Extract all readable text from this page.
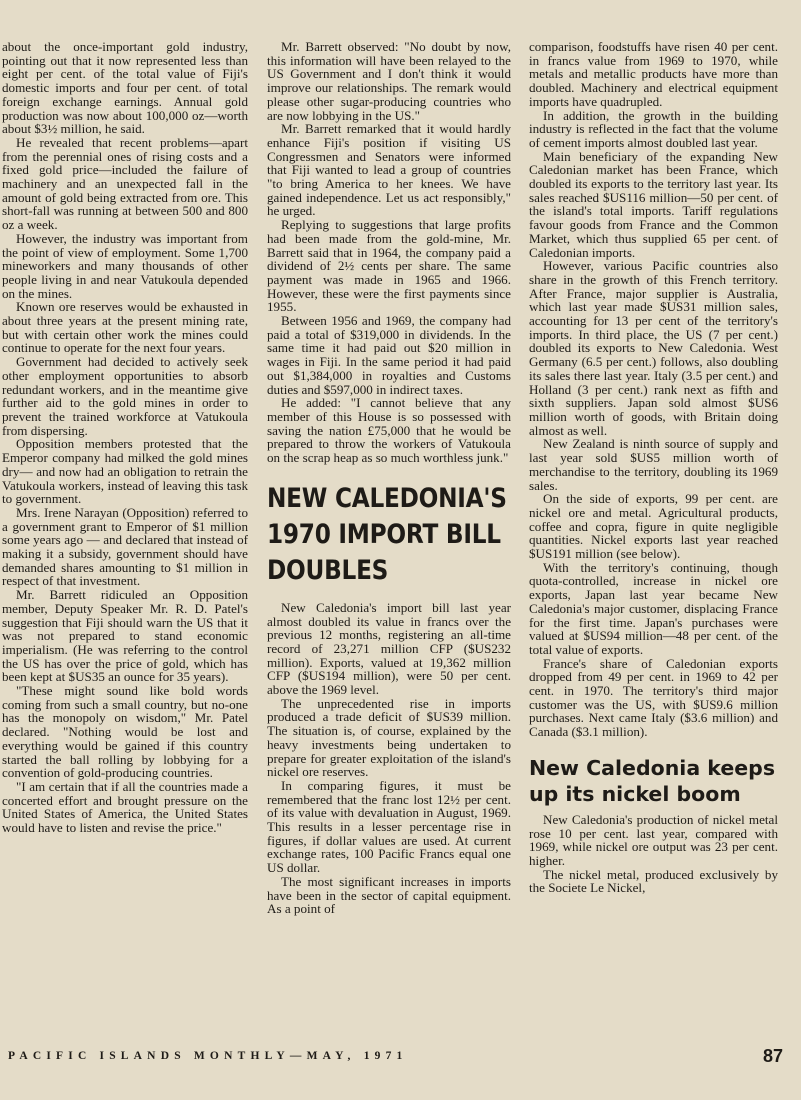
about the once-important gold industry, pointing out that it now represented less than eight per cent. of the total value of Fiji's domestic imports and four per cent. of total foreign exchange earnings. Annual gold production was now about 100,000 oz—worth about $3½ million, he said.

He revealed that recent problems—apart from the perennial ones of rising costs and a fixed gold price—included the failure of machinery and an unexpected fall in the amount of gold being extracted from ore. This short-fall was running at between 500 and 800 oz a week.

However, the industry was important from the point of view of employment. Some 1,700 mineworkers and many thousands of other people living in and near Vatukoula depended on the mines.

Known ore reserves would be exhausted in about three years at the present mining rate, but with certain other work the mines could continue to operate for the next four years.

Government had decided to actively seek other employment opportunities to absorb redundant workers, and in the meantime give further aid to the gold mines in order to prevent the trained workforce at Vatukoula from dispersing.

Opposition members protested that the Emperor company had milked the gold mines dry— and now had an obligation to retrain the Vatukoula workers, instead of leaving this task to government.

Mrs. Irene Narayan (Opposition) referred to a government grant to Emperor of $1 million some years ago — and declared that instead of making it a subsidy, government should have demanded shares amounting to $1 million in respect of that investment.

Mr. Barrett ridiculed an Opposition member, Deputy Speaker Mr. R. D. Patel's suggestion that Fiji should warn the US that it was not prepared to stand economic imperialism. (He was referring to the control the US has over the price of gold, which has been kept at $US35 an ounce for 35 years).

"These might sound like bold words coming from such a small country, but no-one has the monopoly on wisdom," Mr. Patel declared. "Nothing would be lost and everything would be gained if this country started the ball rolling by lobbying for a convention of gold-producing countries.

"I am certain that if all the countries made a concerted effort and brought pressure on the United States of America, the United States would have to listen and revise the price."

Mr. Barrett observed: "No doubt by now, this information will have been relayed to the US Government and I don't think it would improve our relationships. The remark would please other sugar-producing countries who are now lobbying in the US."

Mr. Barrett remarked that it would hardly enhance Fiji's position if visiting US Congressmen and Senators were informed that Fiji wanted to lead a group of countries "to bring America to her knees. We have gained independence. Let us act responsibly," he urged.

Replying to suggestions that large profits had been made from the gold-mine, Mr. Barrett said that in 1964, the company paid a dividend of 2½ cents per share. The same payment was made in 1965 and 1966. However, these were the first payments since 1955.

Between 1956 and 1969, the company had paid a total of $319,000 in dividends. In the same time it had paid out $20 million in wages in Fiji. In the same period it had paid out $1,384,000 in royalties and Customs duties and $597,000 in indirect taxes.

He added: "I cannot believe that any member of this House is so possessed with saving the nation £75,000 that he would be prepared to throw the workers of Vatukoula on the scrap heap as so much worthless junk."

NEW CALEDONIA'S 1970 IMPORT BILL DOUBLES

New Caledonia's import bill last year almost doubled its value in francs over the previous 12 months, registering an all-time record of 23,271 million CFP ($US232 million). Exports, valued at 19,362 million CFP ($US194 million), were 50 per cent. above the 1969 level.

The unprecedented rise in imports produced a trade deficit of $US39 million. The situation is, of course, explained by the heavy investments being undertaken to prepare for greater exploitation of the island's nickel ore reserves.

In comparing figures, it must be remembered that the franc lost 12½ per cent. of its value with devaluation in August, 1969. This results in a lesser percentage rise in figures, if dollar values are used. At current exchange rates, 100 Pacific Francs equal one US dollar.

The most significant increases in imports have been in the sector of capital equipment. As a point of

comparison, foodstuffs have risen 40 per cent. in francs value from 1969 to 1970, while metals and metallic products have more than doubled. Machinery and electrical equipment imports have quadrupled.

In addition, the growth in the building industry is reflected in the fact that the volume of cement imports almost doubled last year.

Main beneficiary of the expanding New Caledonian market has been France, which doubled its exports to the territory last year. Its sales reached $US116 million—50 per cent. of the island's total imports. Tariff regulations favour goods from France and the Common Market, which thus supplied 65 per cent. of Caledonian imports.

However, various Pacific countries also share in the growth of this French territory. After France, major supplier is Australia, which last year made $US31 million sales, accounting for 13 per cent of the territory's imports. In third place, the US (7 per cent.) doubled its exports to New Caledonia. West Germany (6.5 per cent.) follows, also doubling its sales there last year. Italy (3.5 per cent.) and Holland (3 per cent.) rank next as fifth and sixth suppliers. Japan sold almost $US6 million worth of goods, with Britain doing almost as well.

New Zealand is ninth source of supply and last year sold $US5 million worth of merchandise to the territory, doubling its 1969 sales.

On the side of exports, 99 per cent. are nickel ore and metal. Agricultural products, coffee and copra, figure in quite negligible quantities. Nickel exports last year reached $US191 million (see below).

With the territory's continuing, though quota-controlled, increase in nickel ore exports, Japan last year became New Caledonia's major customer, displacing France for the first time. Japan's purchases were valued at $US94 million—48 per cent. of the total value of exports.

France's share of Caledonian exports dropped from 49 per cent. in 1969 to 42 per cent. in 1970. The territory's third major customer was the US, with $US9.6 million purchases. Next came Italy ($3.6 million) and Canada ($3.1 million).

New Caledonia keeps up its nickel boom

New Caledonia's production of nickel metal rose 10 per cent. last year, compared with 1969, while nickel ore output was 23 per cent. higher.

The nickel metal, produced exclusively by the Societe Le Nickel,

PACIFIC ISLANDS MONTHLY—MAY, 1971	87
